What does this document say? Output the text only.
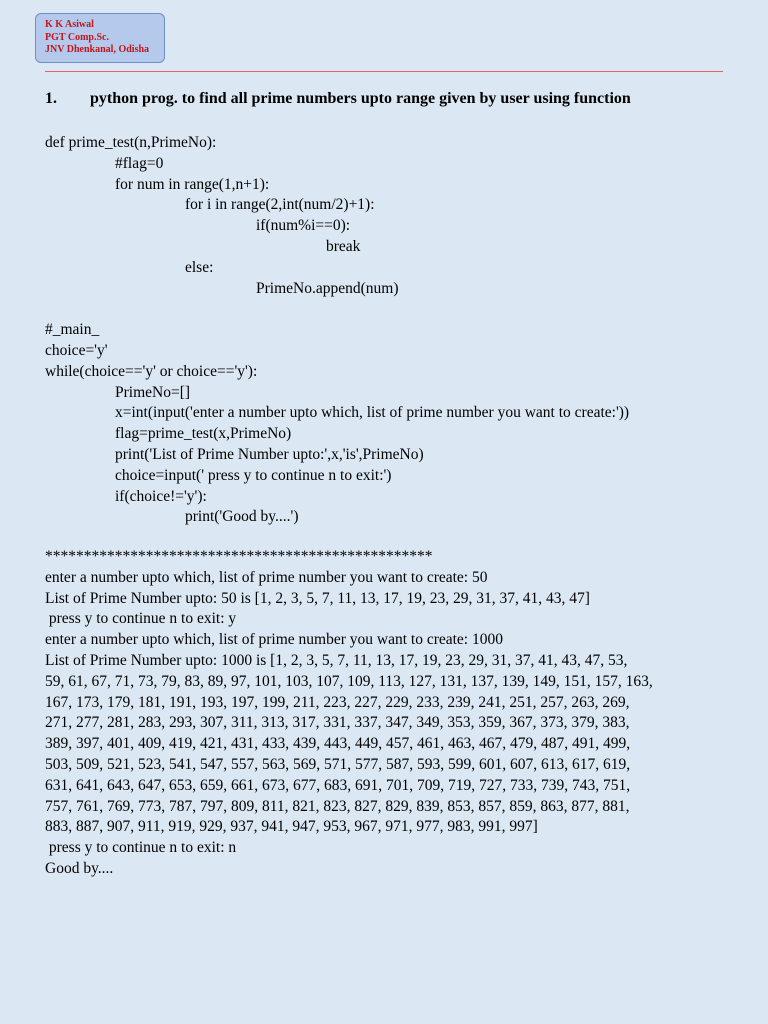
K K Asiwal
PGT Comp.Sc.
JNV Dhenkanal, Odisha
1. python prog. to find all prime numbers upto range given by user using function
def prime_test(n,PrimeNo):
#flag=0
for num in range(1,n+1):
for i in range(2,int(num/2)+1):
if(num%i==0):
break
else:
PrimeNo.append(num)
#_main_
choice='y'
while(choice=='y' or choice=='y'):
PrimeNo=[]
x=int(input('enter a number upto which, list of prime number you want to create:'))
flag=prime_test(x,PrimeNo)
print('List of Prime Number upto:',x,'is',PrimeNo)
choice=input(' press y to continue n to exit:')
if(choice!='y'):
print('Good by....')
**************************************************
enter a number upto which, list of prime number you want to create: 50
List of Prime Number upto: 50 is [1, 2, 3, 5, 7, 11, 13, 17, 19, 23, 29, 31, 37, 41, 43, 47]
press y to continue n to exit: y
enter a number upto which, list of prime number you want to create: 1000
List of Prime Number upto: 1000 is [1, 2, 3, 5, 7, 11, 13, 17, 19, 23, 29, 31, 37, 41, 43, 47, 53,
59, 61, 67, 71, 73, 79, 83, 89, 97, 101, 103, 107, 109, 113, 127, 131, 137, 139, 149, 151, 157, 163,
167, 173, 179, 181, 191, 193, 197, 199, 211, 223, 227, 229, 233, 239, 241, 251, 257, 263, 269,
271, 277, 281, 283, 293, 307, 311, 313, 317, 331, 337, 347, 349, 353, 359, 367, 373, 379, 383,
389, 397, 401, 409, 419, 421, 431, 433, 439, 443, 449, 457, 461, 463, 467, 479, 487, 491, 499,
503, 509, 521, 523, 541, 547, 557, 563, 569, 571, 577, 587, 593, 599, 601, 607, 613, 617, 619,
631, 641, 643, 647, 653, 659, 661, 673, 677, 683, 691, 701, 709, 719, 727, 733, 739, 743, 751,
757, 761, 769, 773, 787, 797, 809, 811, 821, 823, 827, 829, 839, 853, 857, 859, 863, 877, 881,
883, 887, 907, 911, 919, 929, 937, 941, 947, 953, 967, 971, 977, 983, 991, 997]
press y to continue n to exit: n
Good by....
